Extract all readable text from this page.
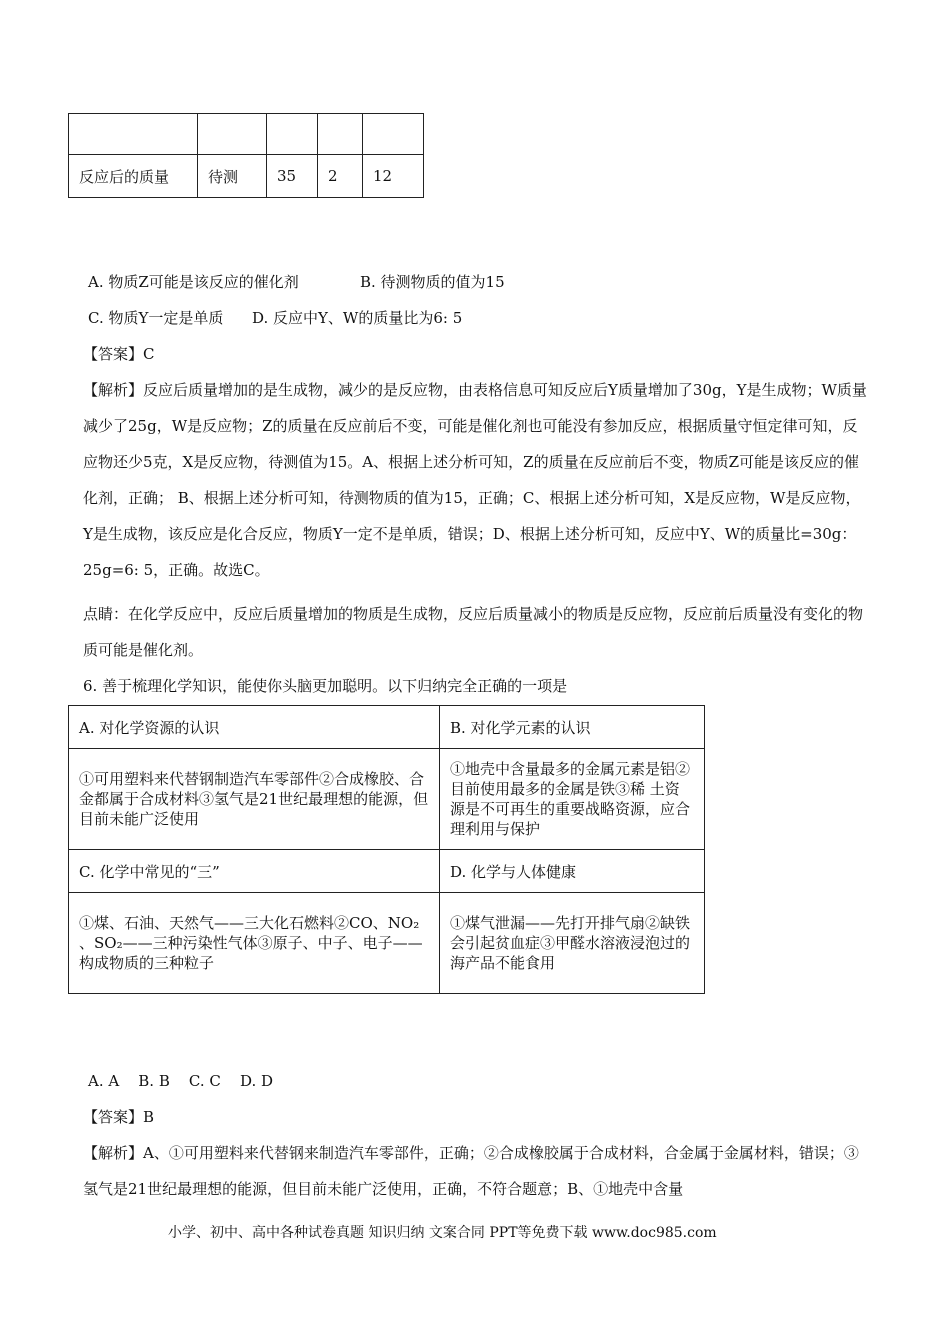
反应后的质量	待测	35	2	12
A. 物质Z可能是该反应的催化剂	B. 待测物质的值为15
C. 物质Y一定是单质 D. 反应中Y、W的质量比为6: 5
【答案】C
【解析】反应后质量增加的是生成物，减少的是反应物，由表格信息可知反应后Y质量增加了30g，Y是生成物；W质量减少了25g，W是反应物；Z的质量在反应前后不变，可能是催化剂也可能没有参加反应，根据质量守恒定律可知，反应物还少5克，X是反应物，待测值为15。A、根据上述分析可知，Z的质量在反应前后不变，物质Z可能是该反应的催化剂，正确； B、根据上述分析可知，待测物质的值为15，正确；C、根据上述分析可知，X是反应物，W是反应物，Y是生成物，该反应是化合反应，物质Y一定不是单质，错误；D、根据上述分析可知，反应中Y、W的质量比=30g：25g=6: 5，正确。故选C。
点睛：在化学反应中，反应后质量增加的物质是生成物，反应后质量减小的物质是反应物，反应前后质量没有变化的物质可能是催化剂。
6. 善于梳理化学知识，能使你头脑更加聪明。以下归纳完全正确的一项是
A. 对化学资源的认识	B. 对化学元素的认识
①可用塑料来代替钢制造汽车零部件②合成橡胶、合金都属于合成材料③氢气是21世纪最理想的能源，但目前未能广泛使用	①地壳中含量最多的金属元素是铝②目前使用最多的金属是铁③稀 土资源是不可再生的重要战略资源，应合理利用与保护
C. 化学中常见的“三”	D. 化学与人体健康
①煤、石油、天然气——三大化石燃料②CO、NO₂ 、SO₂——三种污染性气体③原子、中子、电子——构成物质的三种粒子	①煤气泄漏——先打开排气扇②缺铁会引起贫血症③甲醛水溶液浸泡过的海产品不能食用
A. A    B. B    C. C    D. D
【答案】B
【解析】A、①可用塑料来代替钢来制造汽车零部件，正确；②合成橡胶属于合成材料，合金属于金属材料，错误；③氢气是21世纪最理想的能源，但目前未能广泛使用，正确，不符合题意；B、①地壳中含量
小学、初中、高中各种试卷真题 知识归纳 文案合同 PPT等免费下载 www.doc985.com
